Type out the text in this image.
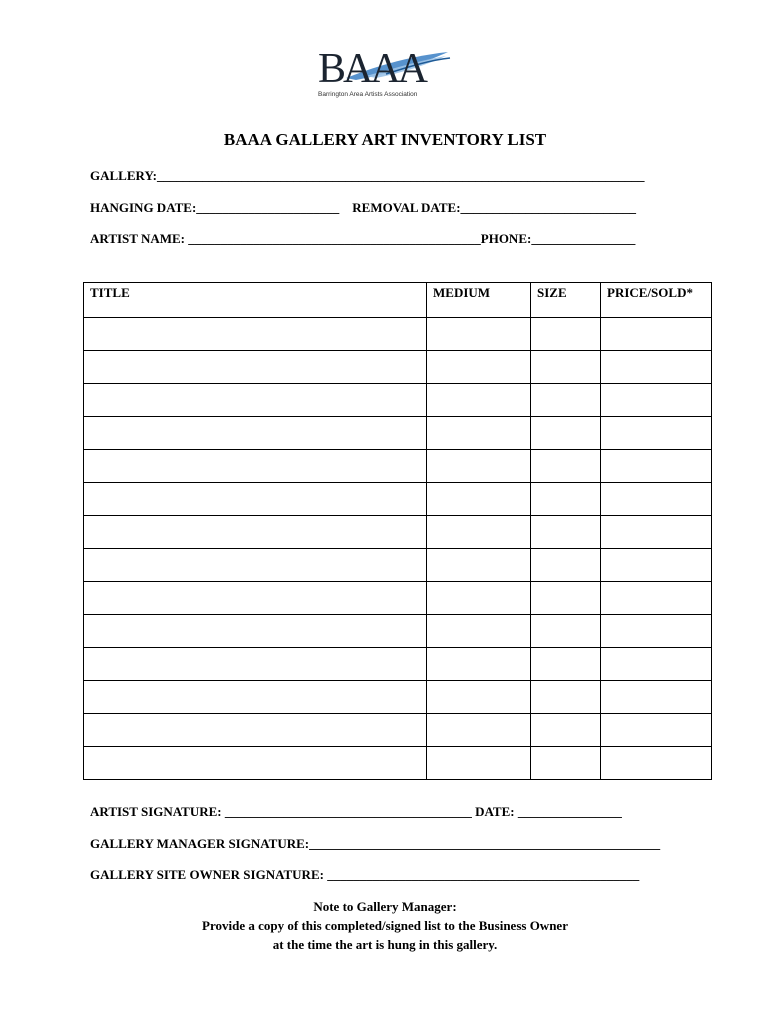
BAAA
Barrington Area Artists Association
BAAA GALLERY ART INVENTORY LIST
GALLERY:___________________________________________________________________________
HANGING DATE:______________________    REMOVAL DATE:___________________________
ARTIST NAME: _____________________________________________PHONE:________________
TITLE	MEDIUM	SIZE	PRICE/SOLD*

ARTIST SIGNATURE: ______________________________________ DATE: ________________
GALLERY MANAGER SIGNATURE:______________________________________________________
GALLERY SITE OWNER SIGNATURE: ________________________________________________
Note to Gallery Manager:
Provide a copy of this completed/signed list to the Business Owner
at the time the art is hung in this gallery.
